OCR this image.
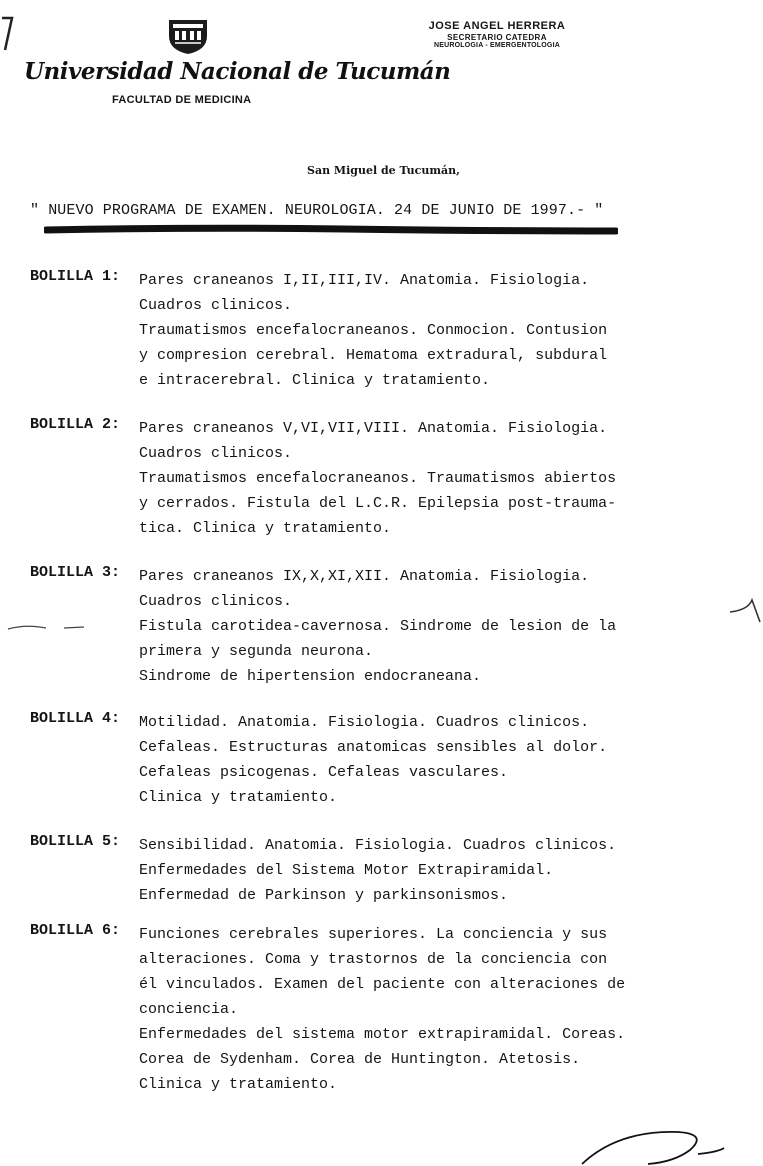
Universidad Nacional de Tucumán
FACULTAD DE MEDICINA
JOSE ANGEL HERRERA
SECRETARIO CATEDRA
NEUROLOGIA - EMERGENTOLOGIA
San Miguel de Tucumán,
" NUEVO PROGRAMA DE EXAMEN. NEUROLOGIA. 24 DE JUNIO DE 1997.- "
BOLILLA 1: Pares craneanos I,II,III,IV. Anatomia. Fisiologia.
Cuadros clinicos.
Traumatismos encefalocraneanos. Conmocion. Contusion
y compresion cerebral. Hematoma extradural, subdural
e intracerebral. Clinica y tratamiento.
BOLILLA 2: Pares craneanos V,VI,VII,VIII. Anatomia. Fisiologia.
Cuadros clinicos.
Traumatismos encefalocraneanos. Traumatismos abiertos
y cerrados. Fistula del L.C.R. Epilepsia post-trauma-
tica. Clinica y tratamiento.
BOLILLA 3: Pares craneanos IX,X,XI,XII. Anatomia. Fisiologia.
Cuadros clinicos.
Fistula carotidea-cavernosa. Sindrome de lesion de la
primera y segunda neurona.
Sindrome de hipertension endocraneana.
BOLILLA 4: Motilidad. Anatomia. Fisiologia. Cuadros clinicos.
Cefaleas. Estructuras anatomicas sensibles al dolor.
Cefaleas psicogenas. Cefaleas vasculares.
Clinica y tratamiento.
BOLILLA 5: Sensibilidad. Anatomia. Fisiologia. Cuadros clinicos.
Enfermedades del Sistema Motor Extrapiramidal.
Enfermedad de Parkinson y parkinsonismos.
BOLILLA 6: Funciones cerebrales superiores. La conciencia y sus
alteraciones. Coma y trastornos de la conciencia con
él vinculados. Examen del paciente con alteraciones de
conciencia.
Enfermedades del sistema motor extrapiramidal. Coreas.
Corea de Sydenham. Corea de Huntington. Atetosis.
Clinica y tratamiento.
